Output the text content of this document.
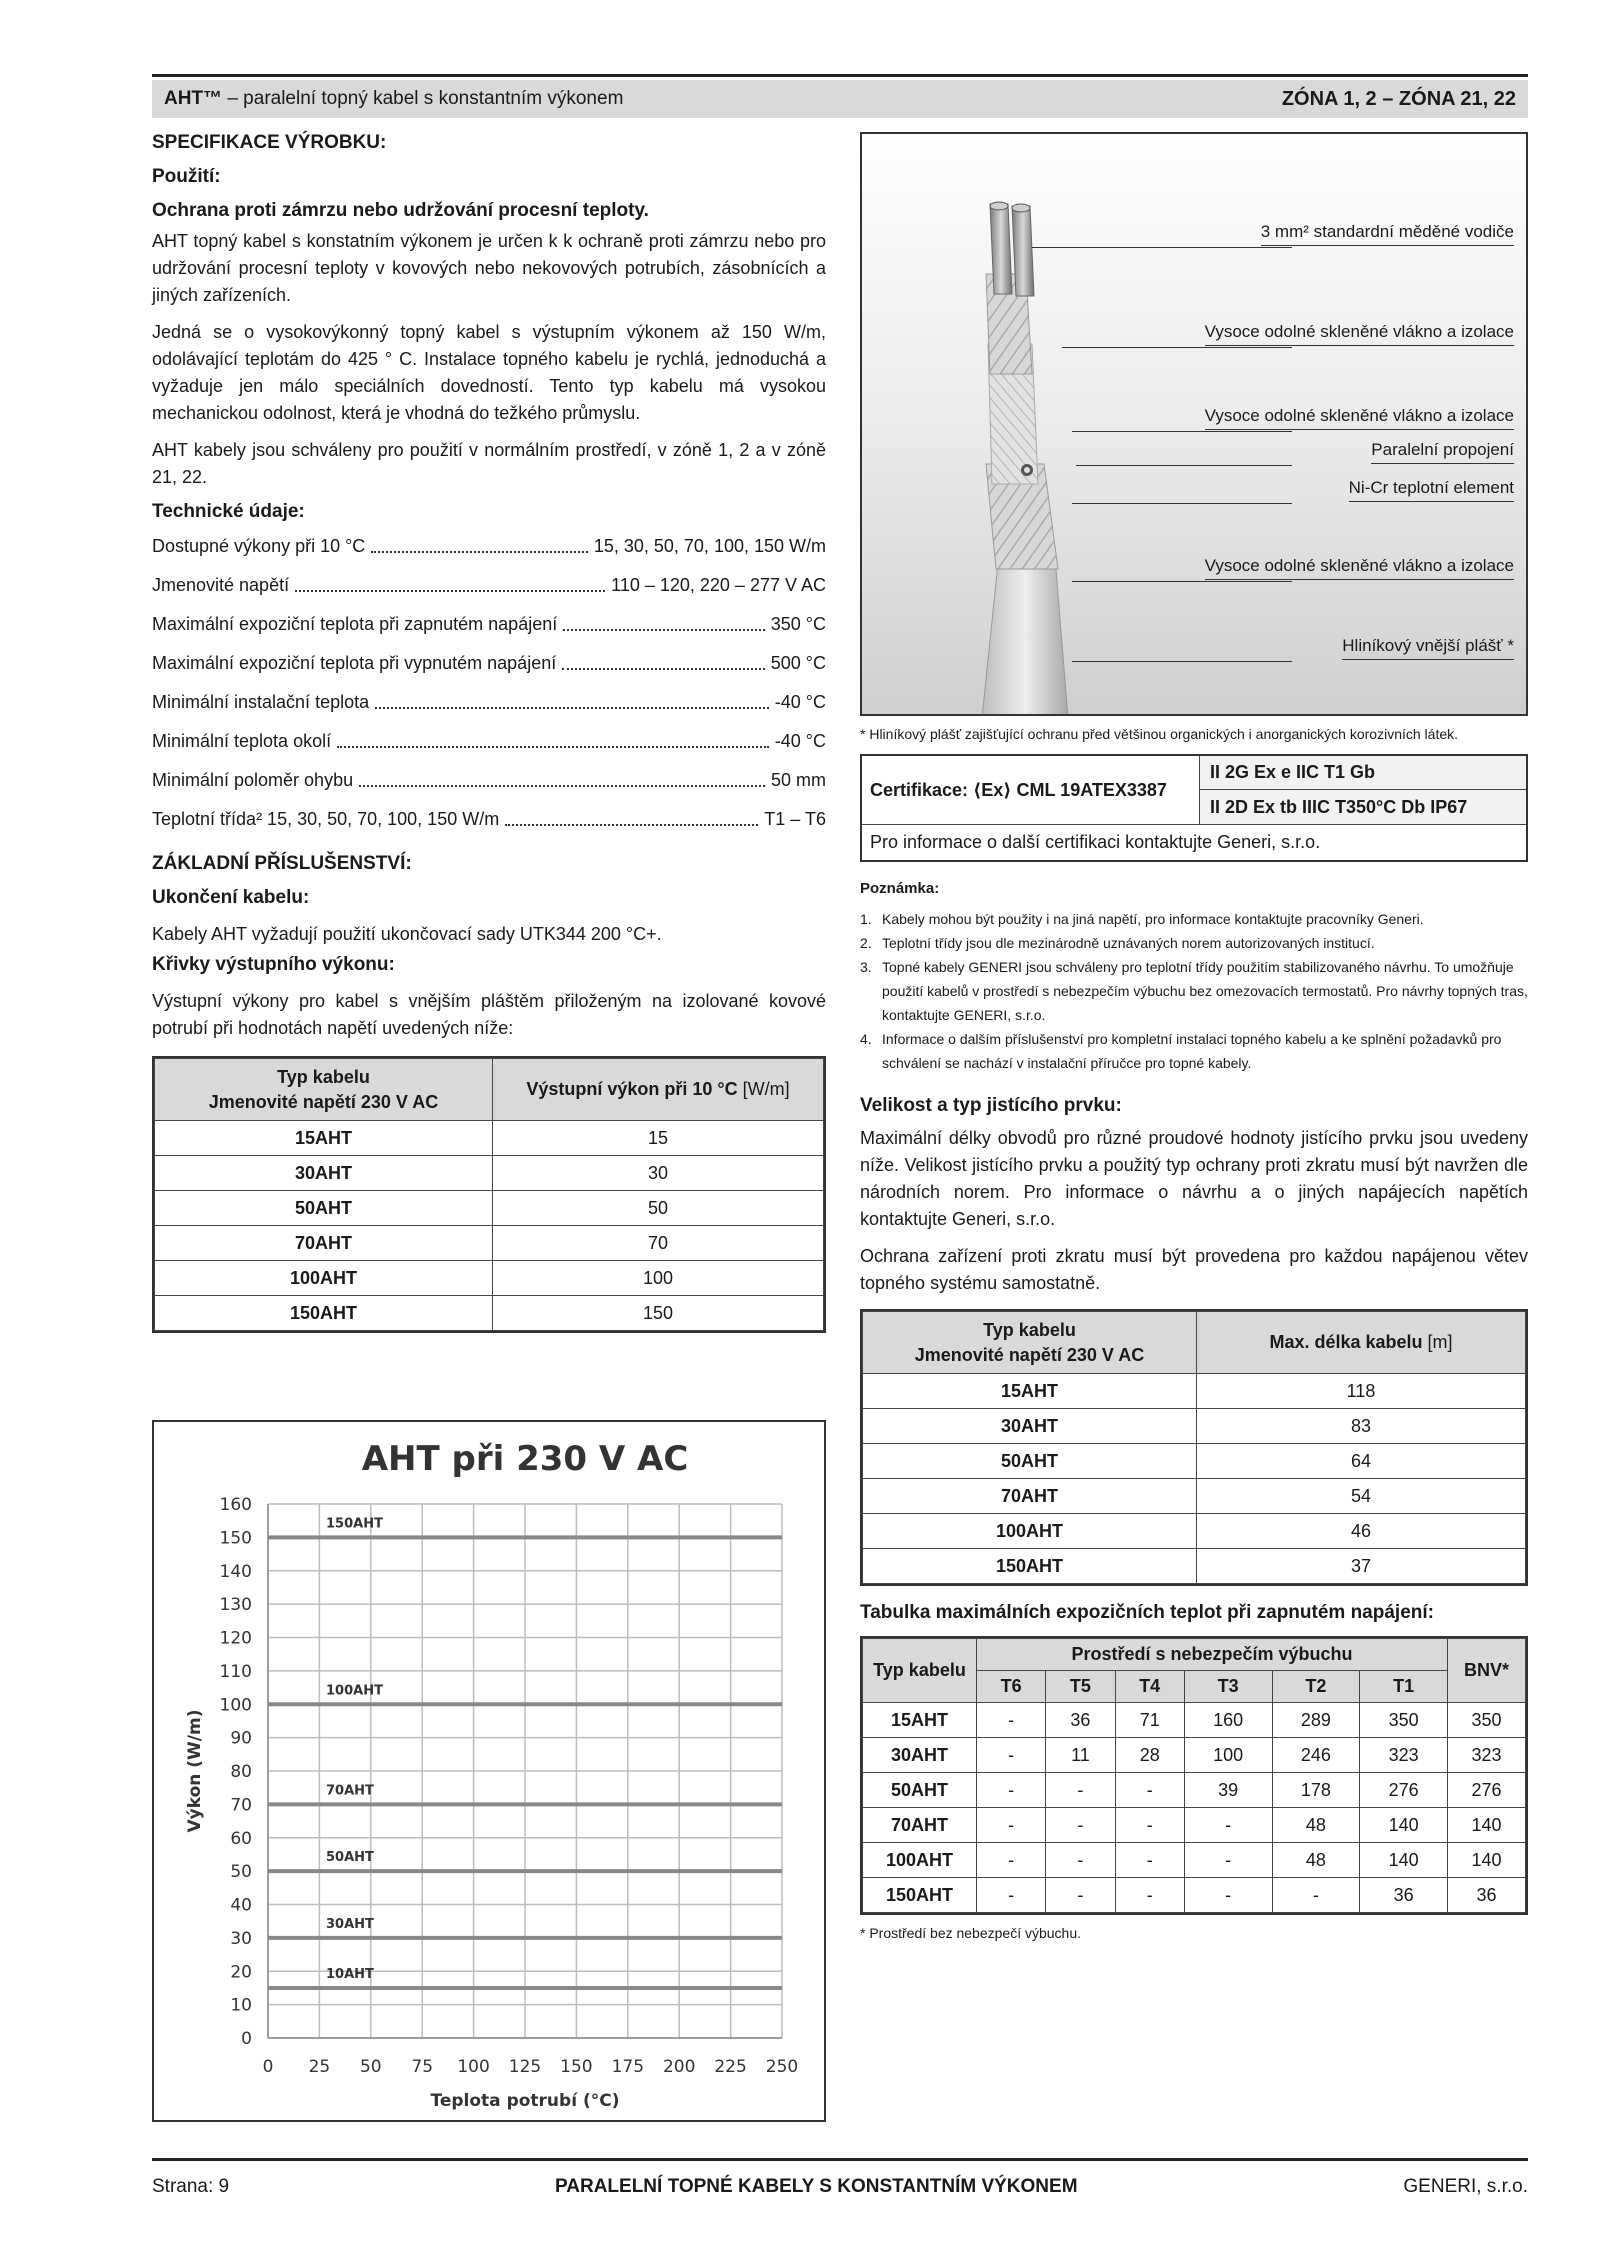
AHT™ – paralelní topný kabel s konstantním výkonem	ZÓNA 1, 2 – ZÓNA 21, 22
SPECIFIKACE VÝROBKU:
Použití:
Ochrana proti zámrzu nebo udržování procesní teploty.
AHT topný kabel s konstatním výkonem je určen k k ochraně proti zámrzu nebo pro udržování procesní teploty v kovových nebo nekovových potrubích, zásobnících a jiných zařízeních.
Jedná se o vysokovýkonný topný kabel s výstupním výkonem až 150 W/m, odolávající teplotám do 425 ° C. Instalace topného kabelu je rychlá, jednoduchá a vyžaduje jen málo speciálních dovedností. Tento typ kabelu má vysokou mechanickou odolnost, která je vhodná do težkého průmyslu.
AHT kabely jsou schváleny pro použití v normálním prostředí, v zóně 1, 2 a v zóně 21, 22.
Technické údaje:
Dostupné výkony při 10 °C	15, 30, 50, 70, 100, 150 W/m
Jmenovité napětí	110 – 120, 220 – 277 V AC
Maximální expoziční teplota při zapnutém napájení	350 °C
Maximální expoziční teplota při vypnutém napájení	500 °C
Minimální instalační teplota	-40 °C
Minimální teplota okolí	-40 °C
Minimální poloměr ohybu	50 mm
Teplotní třída² 15, 30, 50, 70, 100, 150 W/m	T1 – T6
ZÁKLADNÍ PŘÍSLUŠENSTVÍ:
Ukončení kabelu:
Kabely AHT vyžadují použití ukončovací sady UTK344 200 °C+.
Křivky výstupního výkonu:
Výstupní výkony pro kabel s vnějším pláštěm přiloženým na izolované kovové potrubí při hodnotách napětí uvedených níže:
Typ kabelu
Jmenovité napětí 230 V AC	Výstupní výkon při 10 °C [W/m]
15AHT	15
30AHT	30
50AHT	50
70AHT	70
100AHT	100
150AHT	150
AHT při 230 V AC
0
10
20
30
40
50
60
70
80
90
100
110
120
130
140
150
160
0 25 50 75 100 125 150 175 200 225 250
150AHT
100AHT
70AHT
50AHT
30AHT
10AHT
Teplota potrubí (°C)
Výkon (W/m)
3 mm² standardní měděné vodiče
Vysoce odolné skleněné vlákno a izolace
Vysoce odolné skleněné vlákno a izolace
Paralelní propojení
Ni-Cr teplotní element
Vysoce odolné skleněné vlákno a izolace
Hliníkový vnější plášť *
* Hliníkový plášť zajišťující ochranu před většinou organických i anorganických korozivních látek.
Certifikace: ⟨Ex⟩ CML 19ATEX3387
II 2G Ex e IIC T1 Gb
II 2D Ex tb IIIC T350°C Db IP67
Pro informace o další certifikaci kontaktujte Generi, s.r.o.
Poznámka:
1. Kabely mohou být použity i na jiná napětí, pro informace kontaktujte pracovníky Generi.
2. Teplotní třídy jsou dle mezinárodně uznávaných norem autorizovaných institucí.
3. Topné kabely GENERI jsou schváleny pro teplotní třídy použitím stabilizovaného návrhu. To umožňuje použití kabelů v prostředí s nebezpečím výbuchu bez omezovacích termostatů. Pro návrhy topných tras, kontaktujte GENERI, s.r.o.
4. Informace o dalším příslušenství pro kompletní instalaci topného kabelu a ke splnění požadavků pro schválení se nachází v instalační příručce pro topné kabely.
Velikost a typ jistícího prvku:
Maximální délky obvodů pro různé proudové hodnoty jistícího prvku jsou uvedeny níže. Velikost jistícího prvku a použitý typ ochrany proti zkratu musí být navržen dle národních norem. Pro informace o návrhu a o jiných napájecích napětích kontaktujte Generi, s.r.o.
Ochrana zařízení proti zkratu musí být provedena pro každou napájenou větev topného systému samostatně.
Typ kabelu
Jmenovité napětí 230 V AC	Max. délka kabelu [m]
15AHT	118
30AHT	83
50AHT	64
70AHT	54
100AHT	46
150AHT	37
Tabulka maximálních expozičních teplot při zapnutém napájení:
Typ kabelu	Prostředí s nebezpečím výbuchu						BNV*
	T6	T5	T4	T3	T2	T1	
15AHT	-	36	71	160	289	350	350
30AHT	-	11	28	100	246	323	323
50AHT	-	-	-	39	178	276	276
70AHT	-	-	-	-	48	140	140
100AHT	-	-	-	-	48	140	140
150AHT	-	-	-	-	-	36	36
* Prostředí bez nebezpečí výbuchu.
Strana: 9	PARALELNÍ TOPNÉ KABELY S KONSTANTNÍM VÝKONEM	GENERI, s.r.o.
